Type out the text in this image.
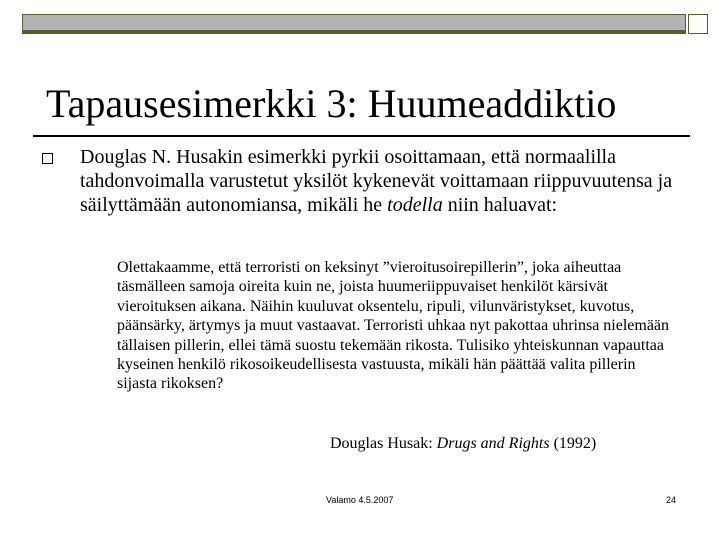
Tapausesimerkki 3: Huumeaddiktio
Douglas N. Husakin esimerkki pyrkii osoittamaan, että normaalilla tahdonvoimalla varustetut yksilöt kykenevät voittamaan riippuvuutensa ja säilyttämään autonomiansa, mikäli he todella niin haluavat:
Olettakaamme, että terroristi on keksinyt ”vieroitusoirepillerin”, joka aiheuttaa täsmälleen samoja oireita kuin ne, joista huumeriippuvaiset henkilöt kärsivät vieroituksen aikana. Näihin kuuluvat oksentelu, ripuli, vilunväristykset, kuvotus, päänsärky, ärtymys ja muut vastaavat. Terroristi uhkaa nyt pakottaa uhrinsa nielemään tällaisen pillerin, ellei tämä suostu tekemään rikosta. Tulisiko yhteiskunnan vapauttaa kyseinen henkilö rikosoikeudellisesta vastuusta, mikäli hän päättää valita pillerin sijasta rikoksen?
Douglas Husak: Drugs and Rights (1992)
Valamo 4.5.2007	24
